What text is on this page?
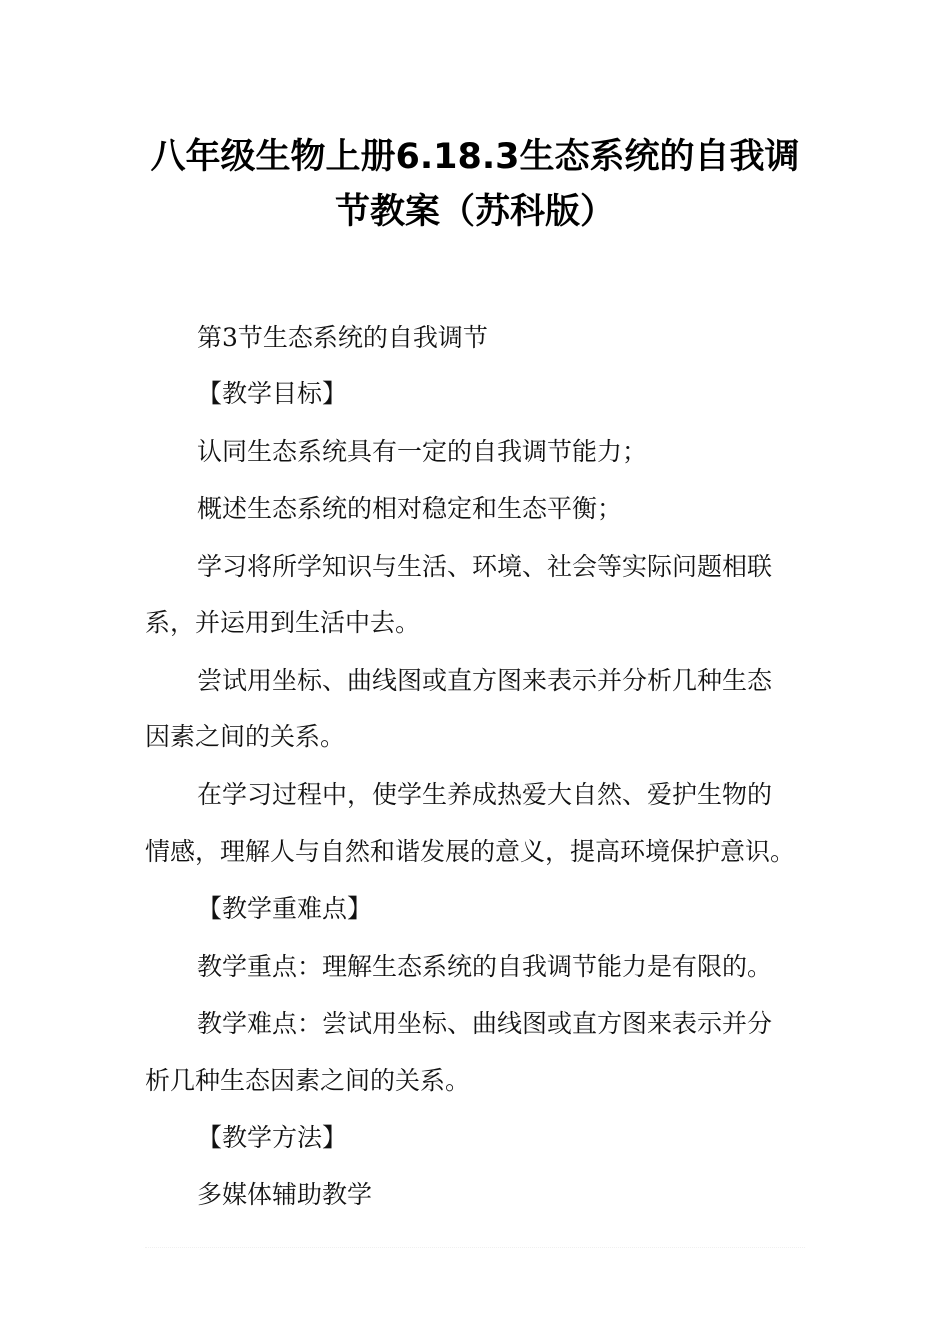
八年级生物上册6.18.3生态系统的自我调
节教案（苏科版）
第3节生态系统的自我调节
【教学目标】
认同生态系统具有一定的自我调节能力；
概述生态系统的相对稳定和生态平衡；
学习将所学知识与生活、环境、社会等实际问题相联
系，并运用到生活中去。
尝试用坐标、曲线图或直方图来表示并分析几种生态
因素之间的关系。
在学习过程中，使学生养成热爱大自然、爱护生物的
情感，理解人与自然和谐发展的意义，提高环境保护意识。
【教学重难点】
教学重点：理解生态系统的自我调节能力是有限的。
教学难点：尝试用坐标、曲线图或直方图来表示并分
析几种生态因素之间的关系。
【教学方法】
多媒体辅助教学
